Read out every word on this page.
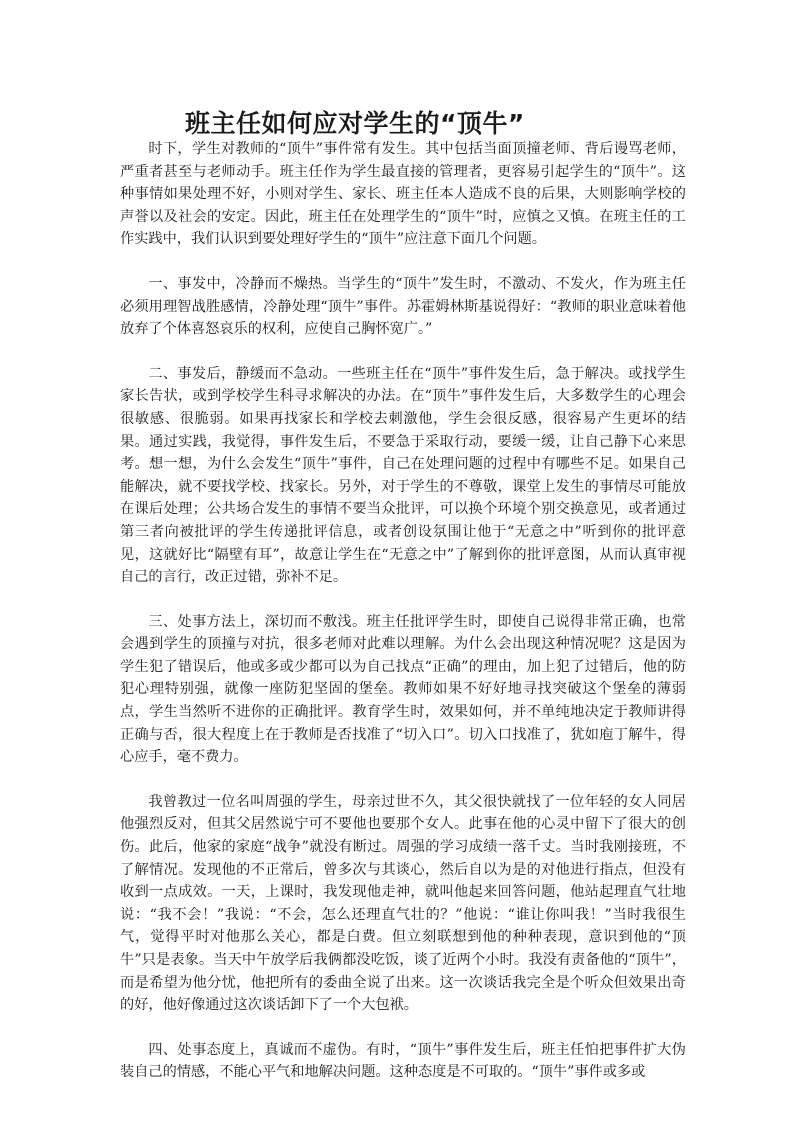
班主任如何应对学生的“顶牛”

时下，学生对教师的“顶牛”事件常有发生。其中包括当面顶撞老师、背后谩骂老师，严重者甚至与老师动手。班主任作为学生最直接的管理者，更容易引起学生的“顶牛”。这种事情如果处理不好，小则对学生、家长、班主任本人造成不良的后果，大则影响学校的声誉以及社会的安定。因此，班主任在处理学生的“顶牛”时，应慎之又慎。在班主任的工作实践中，我们认识到要处理好学生的“顶牛”应注意下面几个问题。

一、事发中，冷静而不燥热。当学生的“顶牛”发生时，不激动、不发火，作为班主任必须用理智战胜感情，冷静处理“顶牛”事件。苏霍姆林斯基说得好：“教师的职业意味着他放弃了个体喜怒哀乐的权利，应使自己胸怀宽广。”

二、事发后，静缓而不急动。一些班主任在“顶牛”事件发生后，急于解决。或找学生家长告状，或到学校学生科寻求解决的办法。在“顶牛”事件发生后，大多数学生的心理会很敏感、很脆弱。如果再找家长和学校去刺激他，学生会很反感，很容易产生更坏的结果。通过实践，我觉得，事件发生后，不要急于采取行动，要缓一缓，让自己静下心来思考。想一想，为什么会发生“顶牛”事件，自己在处理问题的过程中有哪些不足。如果自己能解决，就不要找学校、找家长。另外，对于学生的不尊敬，课堂上发生的事情尽可能放在课后处理；公共场合发生的事情不要当众批评，可以换个环境个别交换意见，或者通过第三者向被批评的学生传递批评信息，或者创设氛围让他于“无意之中”听到你的批评意见，这就好比“隔壁有耳”，故意让学生在“无意之中”了解到你的批评意图，从而认真审视自己的言行，改正过错，弥补不足。

三、处事方法上，深切而不敷浅。班主任批评学生时，即使自己说得非常正确，也常会遇到学生的顶撞与对抗，很多老师对此难以理解。为什么会出现这种情况呢？这是因为学生犯了错误后，他或多或少都可以为自己找点“正确”的理由，加上犯了过错后，他的防犯心理特别强，就像一座防犯坚固的堡垒。教师如果不好好地寻找突破这个堡垒的薄弱点，学生当然听不进你的正确批评。教育学生时，效果如何，并不单纯地决定于教师讲得正确与否，很大程度上在于教师是否找准了“切入口”。切入口找准了，犹如庖丁解牛，得心应手，毫不费力。

我曾教过一位名叫周强的学生，母亲过世不久，其父很快就找了一位年轻的女人同居他强烈反对，但其父居然说宁可不要他也要那个女人。此事在他的心灵中留下了很大的创伤。此后，他家的家庭“战争”就没有断过。周强的学习成绩一落千丈。当时我刚接班，不了解情况。发现他的不正常后，曾多次与其谈心，然后自以为是的对他进行指点，但没有收到一点成效。一天，上课时，我发现他走神，就叫他起来回答问题，他站起理直气壮地说：“我不会！”我说：“不会，怎么还理直气壮的？”他说：“谁让你叫我！”当时我很生气，觉得平时对他那么关心，都是白费。但立刻联想到他的种种表现，意识到他的“顶牛”只是表象。当天中午放学后我俩都没吃饭，谈了近两个小时。我没有责备他的“顶牛”，而是希望为他分忧，他把所有的委曲全说了出来。这一次谈话我完全是个听众但效果出奇的好，他好像通过这次谈话卸下了一个大包袱。

四、处事态度上，真诚而不虚伪。有时，“顶牛”事件发生后，班主任怕把事件扩大伪装自己的情感，不能心平气和地解决问题。这种态度是不可取的。“顶牛”事件或多或
